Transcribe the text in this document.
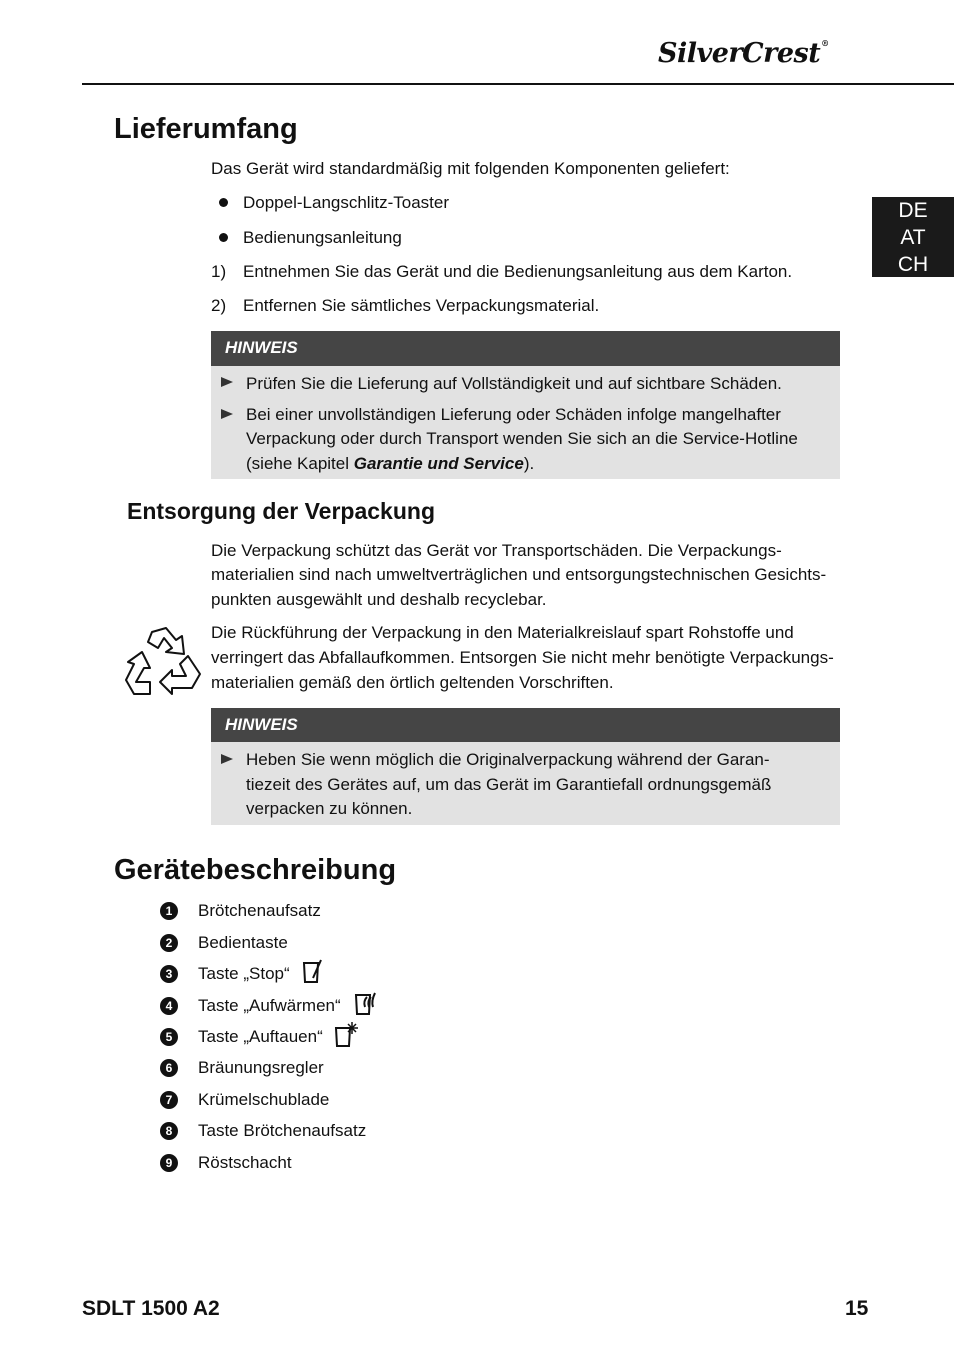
SilverCrest®
DE
AT
CH
Lieferumfang
Das Gerät wird standardmäßig mit folgenden Komponenten geliefert:
Doppel-Langschlitz-Toaster
Bedienungsanleitung
1) Entnehmen Sie das Gerät und die Bedienungsanleitung aus dem Karton.
2) Entfernen Sie sämtliches Verpackungsmaterial.
HINWEIS
Prüfen Sie die Lieferung auf Vollständigkeit und auf sichtbare Schäden.
Bei einer unvollständigen Lieferung oder Schäden infolge mangelhafter
Verpackung oder durch Transport wenden Sie sich an die Service-Hotline
(siehe Kapitel Garantie und Service).
Entsorgung der Verpackung
Die Verpackung schützt das Gerät vor Transportschäden. Die Verpackungs-
materialien sind nach umweltverträglichen und entsorgungstechnischen Gesichts-
punkten ausgewählt und deshalb recyclebar.
Die Rückführung der Verpackung in den Materialkreislauf spart Rohstoffe und
verringert das Abfallaufkommen. Entsorgen Sie nicht mehr benötigte Verpackungs-
materialien gemäß den örtlich geltenden Vorschriften.
HINWEIS
Heben Sie wenn möglich die Originalverpackung während der Garan-
tiezeit des Gerätes auf, um das Gerät im Garantiefall ordnungsgemäß
verpacken zu können.
Gerätebeschreibung
1	Brötchenaufsatz
2	Bedientaste
3	Taste „Stop“
4	Taste „Aufwärmen“
5	Taste „Auftauen“
6	Bräunungsregler
7	Krümelschublade
8	Taste Brötchenaufsatz
9	Röstschacht
SDLT 1500 A2	15
